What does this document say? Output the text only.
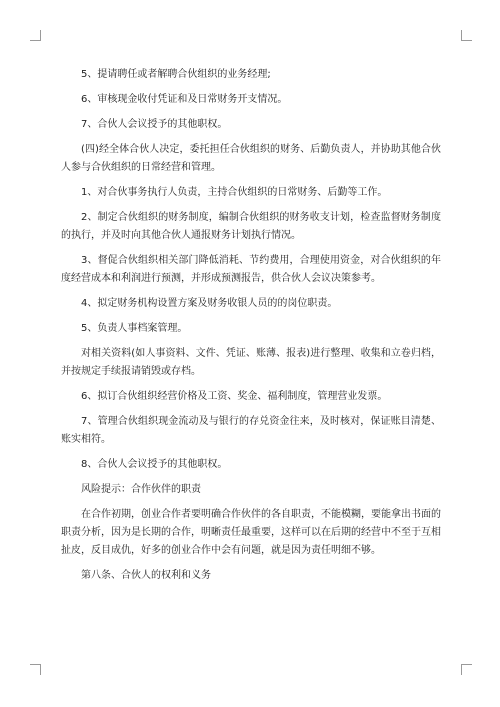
5、提请聘任或者解聘合伙组织的业务经理;

6、审核现金收付凭证和及日常财务开支情况。

7、合伙人会议授予的其他职权。

(四)经全体合伙人决定，委托担任合伙组织的财务、后勤负责人，并协助其他合伙人参与合伙组织的日常经营和管理。

1、对合伙事务执行人负责，主持合伙组织的日常财务、后勤等工作。

2、制定合伙组织的财务制度，编制合伙组织的财务收支计划，检查监督财务制度的执行，并及时向其他合伙人通报财务计划执行情况。

3、督促合伙组织相关部门降低消耗、节约费用，合理使用资金，对合伙组织的年度经营成本和利润进行预测，并形成预测报告，供合伙人会议决策参考。

4、拟定财务机构设置方案及财务收银人员的的岗位职责。

5、负责人事档案管理。

对相关资料(如人事资料、文件、凭证、账薄、报表)进行整理、收集和立卷归档，并按规定手续报请销毁或存档。

6、拟订合伙组织经营价格及工资、奖金、福利制度，管理营业发票。

7、管理合伙组织现金流动及与银行的存兑资金往来，及时核对，保证账目清楚、账实相符。

8、合伙人会议授予的其他职权。

风险提示：合作伙伴的职责

在合作初期，创业合作者要明确合作伙伴的各自职责，不能模糊，要能拿出书面的职责分析，因为是长期的合作，明晰责任最重要，这样可以在后期的经营中不至于互相扯皮，反目成仇，好多的创业合作中会有问题，就是因为责任明细不够。

第八条、合伙人的权利和义务
